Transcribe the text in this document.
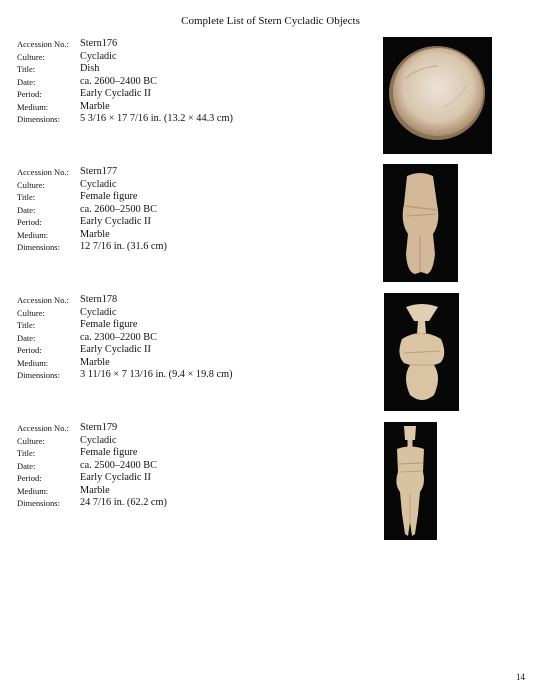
Complete List of Stern Cycladic Objects
Accession No.: Stern176
Culture:	Cycladic
Title:	Dish
Date:	ca. 2600–2400 BC
Period:	Early Cycladic II
Medium:	Marble
Dimensions: 5 3/16 × 17 7/16 in. (13.2 × 44.3 cm)
Accession No.: Stern177
Culture:	Cycladic
Title:	Female figure
Date:	ca. 2600–2500 BC
Period:	Early Cycladic II
Medium:	Marble
Dimensions: 12 7/16 in. (31.6 cm)
Accession No.: Stern178
Culture:	Cycladic
Title:	Female figure
Date:	ca. 2300–2200 BC
Period:	Early Cycladic II
Medium:	Marble
Dimensions: 3 11/16 × 7 13/16 in. (9.4 × 19.8 cm)
Accession No.: Stern179
Culture:	Cycladic
Title:	Female figure
Date:	ca. 2500–2400 BC
Period:	Early Cycladic II
Medium:	Marble
Dimensions: 24 7/16 in. (62.2 cm)
14
